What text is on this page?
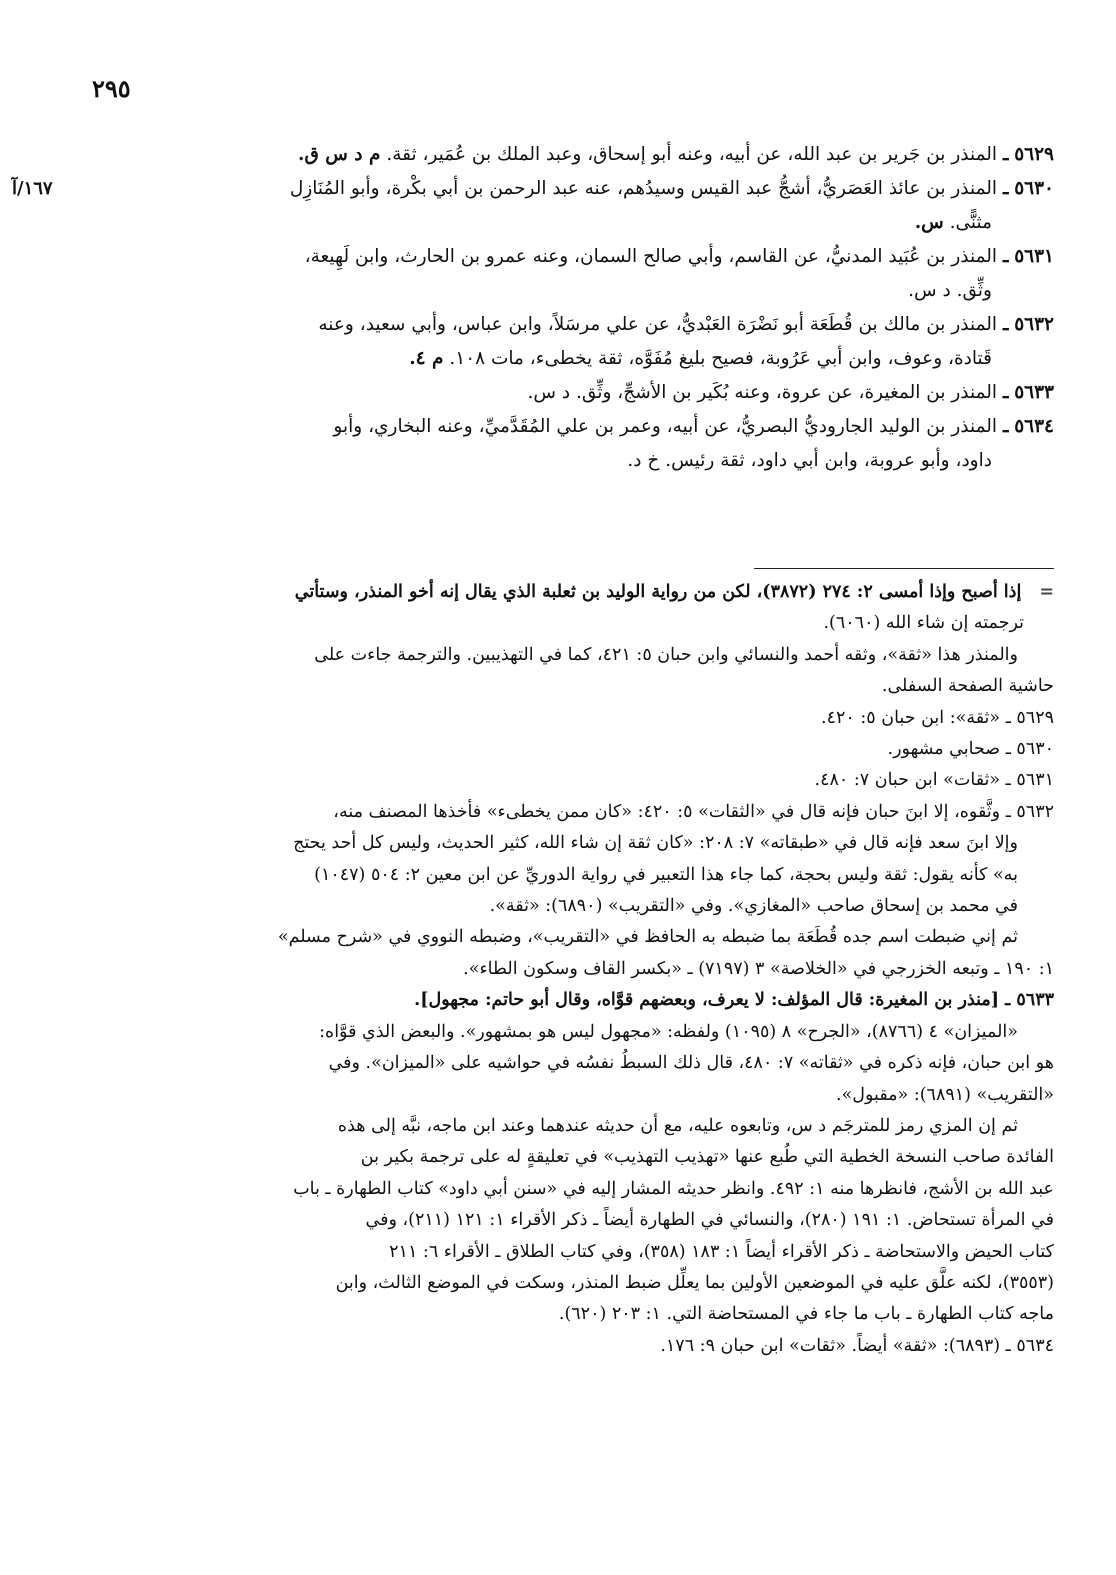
٢٩٥
١٦٧/آ
٥٦٢٩ ـ المنذر بن جَرير بن عبد الله، عن أبيه، وعنه أبو إسحاق، وعبد الملك بن عُمَير، ثقة. م د س ق.
٥٦٣٠ ـ المنذر بن عائذ العَصَريُّ، أشجُّ عبد القيس وسيدُهم، عنه عبد الرحمن بن أبي بكْرة، وأبو المُنَازِل
مثنًّى. س.
٥٦٣١ ـ المنذر بن عُبَيد المدنيُّ، عن القاسم، وأبي صالح السمان، وعنه عمرو بن الحارث، وابن لَهِيعة،
وثِّق. د س.
٥٦٣٢ ـ المنذر بن مالك بن قُطَعَة أبو نَضْرَة العَبْديُّ، عن علي مرسَلاً، وابن عباس، وأبي سعيد، وعنه
قَتادة، وعوف، وابن أبي عَرُوبة، فصيح بليغ مُفَوَّه، ثقة يخطىء، مات ١٠٨. م ٤.
٥٦٣٣ ـ المنذر بن المغيرة، عن عروة، وعنه بُكَير بن الأشجِّ، وثِّق. د س.
٥٦٣٤ ـ المنذر بن الوليد الجاروديُّ البصريُّ، عن أبيه، وعمر بن علي المُقَدَّميِّ، وعنه البخاري، وأبو
داود، وأبو عروبة، وابن أبي داود، ثقة رئيس. خ د.
=إذا أصبح وإذا أمسى ٢: ٢٧٤ (٣٨٧٢)، لكن من رواية الوليد بن ثعلبة الذي يقال إنه أخو المنذر، وستأتي
ترجمته إن شاء الله (٦٠٦٠).
والمنذر هذا «ثقة»، وثقه أحمد والنسائي وابن حبان ٥: ٤٢١، كما في التهذيبين. والترجمة جاءت على
حاشية الصفحة السفلى.
٥٦٢٩ ـ «ثقة»: ابن حبان ٥: ٤٢٠.
٥٦٣٠ ـ صحابي مشهور.
٥٦٣١ ـ «ثقات» ابن حبان ٧: ٤٨٠.
٥٦٣٢ ـ وثَّقوه، إلا ابنَ حبان فإنه قال في «الثقات» ٥: ٤٢٠: «كان ممن يخطىء» فأخذها المصنف منه،
وإلا ابنَ سعد فإنه قال في «طبقاته» ٧: ٢٠٨: «كان ثقة إن شاء الله، كثير الحديث، وليس كل أحد يحتج
به» كأنه يقول: ثقة وليس بحجة، كما جاء هذا التعبير في رواية الدوريِّ عن ابن معين ٢: ٥٠٤ (١٠٤٧)
في محمد بن إسحاق صاحب «المغازي». وفي «التقريب» (٦٨٩٠): «ثقة».
ثم إني ضبطت اسم جده قُطَعَة بما ضبطه به الحافظ في «التقريب»، وضبطه النووي في «شرح مسلم»
١: ١٩٠ ـ وتبعه الخزرجي في «الخلاصة» ٣ (٧١٩٧) ـ «بكسر القاف وسكون الطاء».
٥٦٣٣ ـ [منذر بن المغيرة: قال المؤلف: لا يعرف، وبعضهم قوَّاه، وقال أبو حاتم: مجهول].
«الميزان» ٤ (٨٧٦٦)، «الجرح» ٨ (١٠٩٥) ولفظه: «مجهول ليس هو بمشهور». والبعض الذي قوَّاه:
هو ابن حبان، فإنه ذكره في «ثقاته» ٧: ٤٨٠، قال ذلك السبطُ نفسُه في حواشيه على «الميزان». وفي
«التقريب» (٦٨٩١): «مقبول».
ثم إن المزي رمز للمترجَم د س، وتابعوه عليه، مع أن حديثه عندهما وعند ابن ماجه، نبَّه إلى هذه
الفائدة صاحب النسخة الخطية التي طُبع عنها «تهذيب التهذيب» في تعليقةٍ له على ترجمة بكير بن
عبد الله بن الأشج، فانظرها منه ١: ٤٩٢. وانظر حديثه المشار إليه في «سنن أبي داود» كتاب الطهارة ـ باب
في المرأة تستحاض. ١: ١٩١ (٢٨٠)، والنسائي في الطهارة أيضاً ـ ذكر الأقراء ١: ١٢١ (٢١١)، وفي
كتاب الحيض والاستحاضة ـ ذكر الأقراء أيضاً ١: ١٨٣ (٣٥٨)، وفي كتاب الطلاق ـ الأقراء ٦: ٢١١
(٣٥٥٣)، لكنه علَّق عليه في الموضعين الأولين بما يعلِّل ضبط المنذر، وسكت في الموضع الثالث، وابن
ماجه كتاب الطهارة ـ باب ما جاء في المستحاضة التي. ١: ٢٠٣ (٦٢٠).
٥٦٣٤ ـ (٦٨٩٣): «ثقة» أيضاً. «ثقات» ابن حبان ٩: ١٧٦.
